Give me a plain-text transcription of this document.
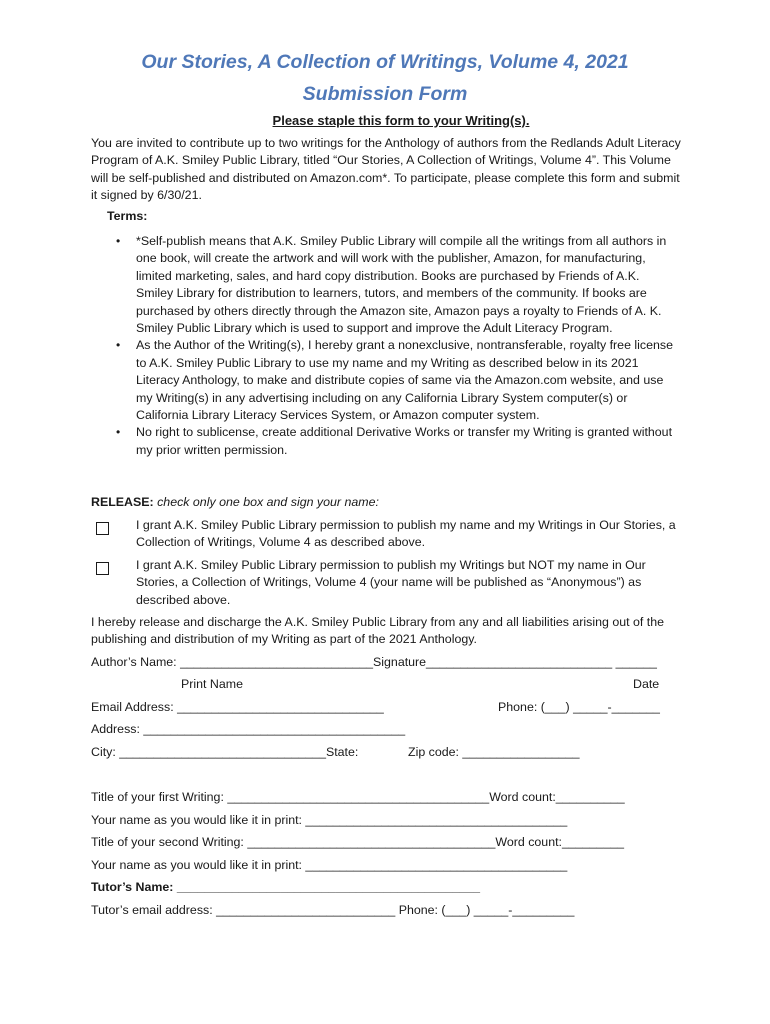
Our Stories, A Collection of Writings, Volume 4, 2021
Submission Form
Please staple this form to your Writing(s).
You are invited to contribute up to two writings for the Anthology of authors from the Redlands Adult Literacy Program of A.K. Smiley Public Library, titled “Our Stories, A Collection of Writings, Volume 4”. This Volume will be self-published and distributed on Amazon.com*. To participate, please complete this form and submit it signed by 6/30/21.
Terms:

• *Self-publish means that A.K. Smiley Public Library will compile all the writings from all authors in one book, will create the artwork and will work with the publisher, Amazon, for manufacturing, limited marketing, sales, and hard copy distribution. Books are purchased by Friends of A.K. Smiley Library for distribution to learners, tutors, and members of the community. If books are purchased by others directly through the Amazon site, Amazon pays a royalty to Friends of A. K. Smiley Public Library which is used to support and improve the Adult Literacy Program.

• As the Author of the Writing(s), I hereby grant a nonexclusive, nontransferable, royalty free license to A.K. Smiley Public Library to use my name and my Writing as described below in its 2021 Literacy Anthology, to make and distribute copies of same via the Amazon.com website, and use my Writing(s) in any advertising including on any California Library System computer(s) or California Library Literacy Services System, or Amazon computer system.

• No right to sublicense, create additional Derivative Works or transfer my Writing is granted without my prior written permission.

RELEASE: check only one box and sign your name:
I grant A.K. Smiley Public Library permission to publish my name and my Writings in Our Stories, a Collection of Writings, Volume 4 as described above.
I grant A.K. Smiley Public Library permission to publish my Writings but NOT my name in Our Stories, a Collection of Writings, Volume 4 (your name will be published as “Anonymous”) as described above.
I hereby release and discharge the A.K. Smiley Public Library from any and all liabilities arising out of the publishing and distribution of my Writing as part of the 2021 Anthology.
Author’s Name: ____________________________Signature___________________________ ______
Print Name	Date
Email Address: ______________________________	Phone: (___) _____-_______
Address: ______________________________________
City: ______________________________State:	Zip code: _________________
Title of your first Writing: ______________________________________Word count:__________
Your name as you would like it in print: ______________________________________
Title of your second Writing: ____________________________________Word count:_________
Your name as you would like it in print: ______________________________________
Tutor’s Name: ____________________________________________
Tutor’s email address: __________________________ Phone: (___) _____-_________
